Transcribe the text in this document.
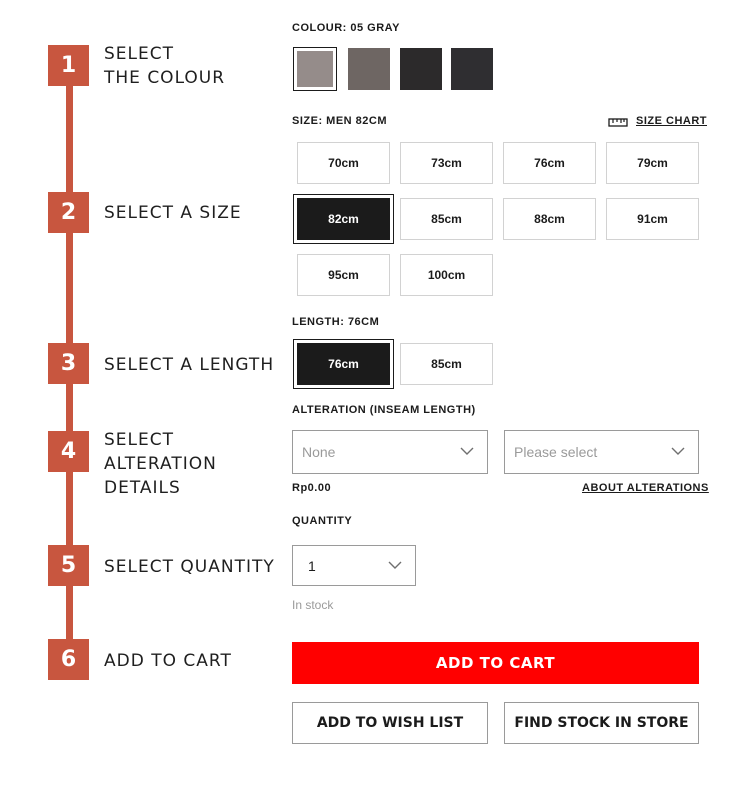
1	SELECT
THE COLOUR
2	SELECT A SIZE
3	SELECT A LENGTH
4	SELECT
ALTERATION
DETAILS
5	SELECT QUANTITY
6	ADD TO CART
COLOUR: 05 GRAY
SIZE: MEN 82CM	SIZE CHART
70cm	73cm	76cm	79cm
82cm	85cm	88cm	91cm
95cm	100cm
LENGTH: 76CM
76cm	85cm
ALTERATION (INSEAM LENGTH)
None	Please select
Rp0.00	ABOUT ALTERATIONS
QUANTITY
1
In stock
ADD TO CART
ADD TO WISH LIST	FIND STOCK IN STORE
